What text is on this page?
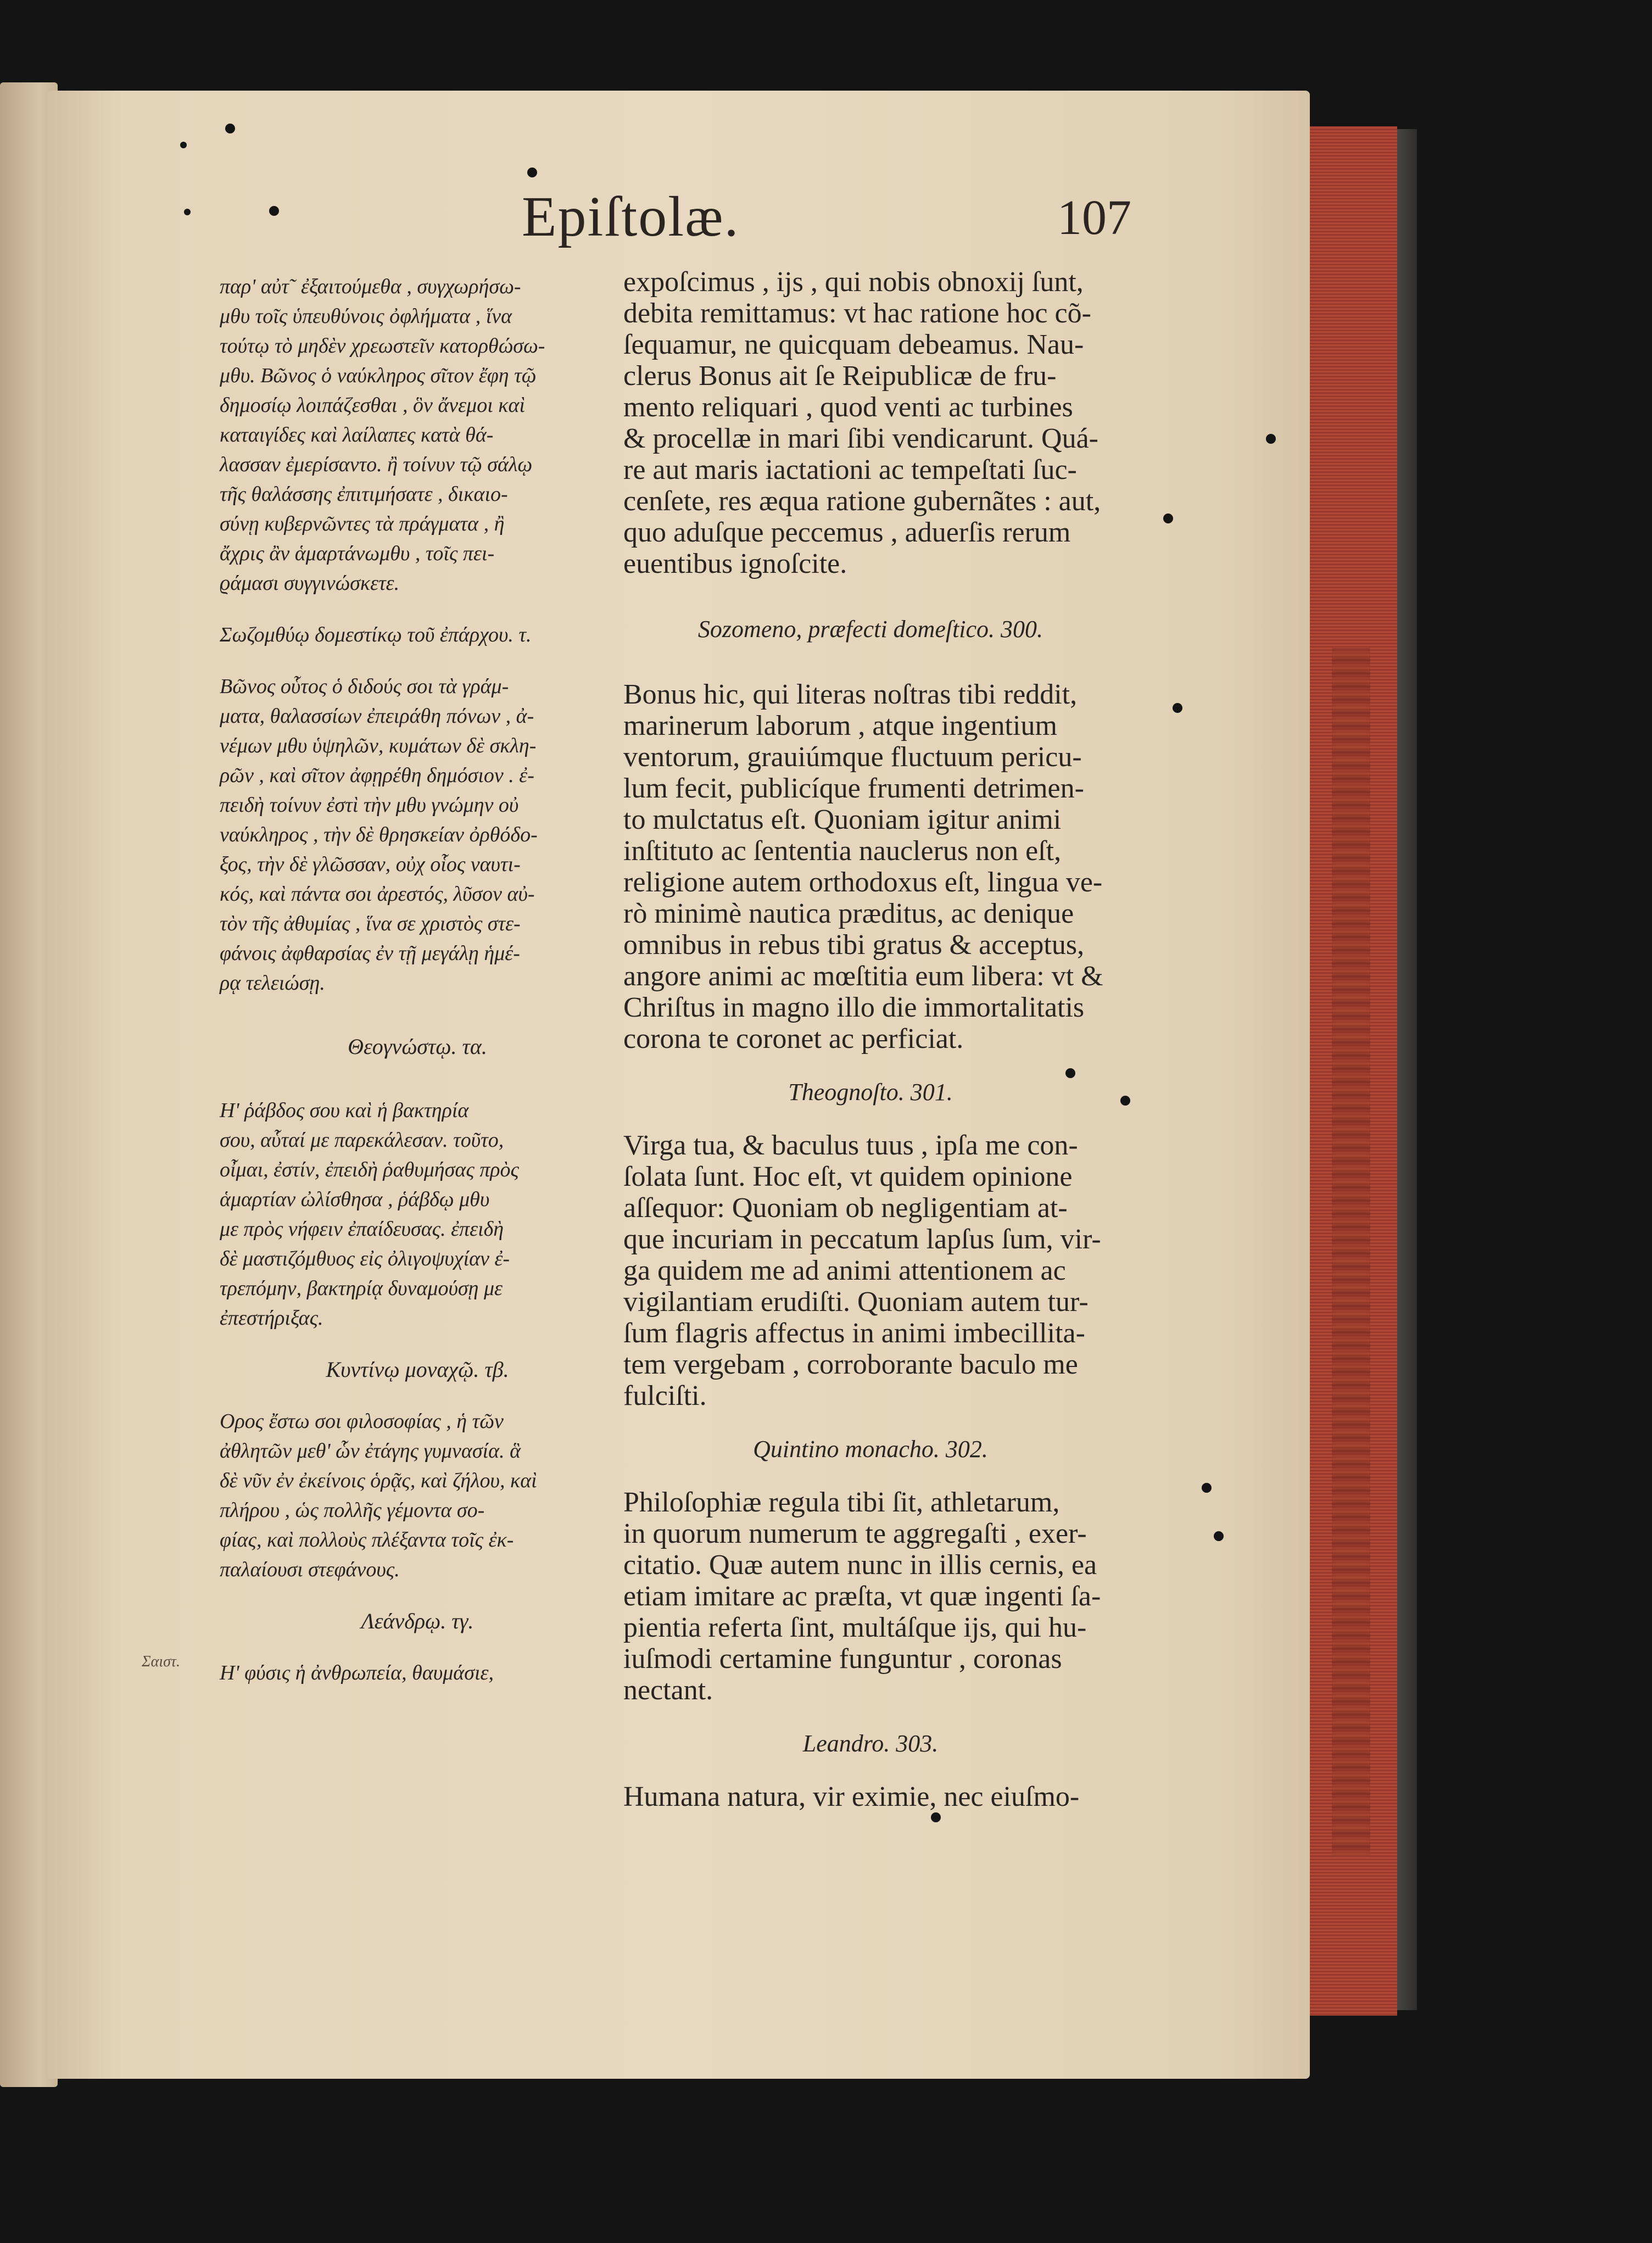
Epiſtolæ.	107
Ʃαιστ.
παρ' αὐτ῀ ἐξαιτούμεθα , συγχωρήσω-
μθυ τοῖς ὑπευθύνοις ὀφλήματα , ἵνα
τούτῳ τὸ μηδὲν χρεωστεῖν κατορθώσω-
μθυ. Βῶνος ὁ ναύκληρος σῖτον ἔφη τῷ
δημοσίῳ λοιπάζεσθαι , ὃν ἄνεμοι καὶ
καταιγίδες καὶ λαίλαπες κατὰ θά-
λασσαν ἐμερίσαντο. ἢ τοίνυν τῷ σάλῳ
τῆς θαλάσσης ἐπιτιμήσατε , δικαιο-
σύνῃ κυβερνῶντες τὰ πράγματα , ἢ
ἄχρις ἂν ἁμαρτάνωμθυ , τοῖς πει-
ϱάμασι συγγινώσκετε.
Σωζομθύῳ δομεστίκῳ τοῦ ἐπάρχου. τ.
Βῶνος οὗτος ὁ διδούς σοι τὰ γράμ-
ματα, θαλασσίων ἐπειράθη πόνων , ἀ-
νέμων μθυ ὑψηλῶν, κυμάτων δὲ σκλη-
ρῶν , καὶ σῖτον ἀφῃρέθη δημόσιον . ἐ-
πειδὴ τοίνυν ἐστὶ τὴν μθυ γνώμην οὐ
ναύκληρος , τὴν δὲ θρησκείαν ὀρθόδο-
ξος, τὴν δὲ γλῶσσαν, οὐχ οἷος ναυτι-
κός, καὶ πάντα σοι ἀρεστός, λῦσον αὐ-
τὸν τῆς ἀθυμίας , ἵνα σε χριστὸς στε-
φάνοις ἀφθαρσίας ἐν τῇ μεγάλῃ ἡμέ-
ρᾳ τελειώσῃ.
Θεογνώστῳ. τα.
Ηʹ ῥάβδος σου καὶ ἡ βακτηρία
σου, αὗταί με παρεκάλεσαν. τοῦτο,
οἶμαι, ἐστίν, ἐπειδὴ ῥαθυμήσας πρὸς
ἁμαρτίαν ὠλίσθησα , ῥάβδῳ μθυ
με πρὸς νήφειν ἐπαίδευσας. ἐπειδὴ
δὲ μαστιζόμθυος εἰς ὀλιγοψυχίαν ἐ-
τρεπόμην, βακτηρίᾳ δυναμούσῃ με
ἐπεστήριξας.
Κυντίνῳ μοναχῷ. τβ.
Ορος ἔστω σοι φιλοσοφίας , ἡ τῶν
ἀθλητῶν μεθ' ὧν ἐτάγης γυμνασία. ἃ
δὲ νῦν ἐν ἐκείνοις ὁρᾷς, καὶ ζήλου, καὶ
πλήρου , ὡς πολλῆς γέμοντα σο-
φίας, καὶ πολλοὺς πλέξαντα τοῖς ἐκ-
παλαίουσι στεφάνους.
Λεάνδρῳ. τγ.
Ηʹ φύσις ἡ ἀνθρωπεία, θαυμάσιε,
expoſcimus , ijs , qui nobis obnoxij ſunt,
debita remittamus: vt hac ratione hoc cõ-
ſequamur, ne quicquam debeamus. Nau-
clerus Bonus ait ſe Reipublicæ de fru-
mento reliquari , quod venti ac turbines
& procellæ in mari ſibi vendicarunt. Quá-
re aut maris iactationi ac tempeſtati ſuc-
cenſete, res æqua ratione gubernãtes : aut,
quo aduſque peccemus , aduerſis rerum
euentibus ignoſcite.
Sozomeno, præfecti domeſtico. 300.
Bonus hic, qui literas noſtras tibi reddit,
marinerum laborum , atque ingentium
ventorum, grauiúmque fluctuum pericu-
lum fecit, publicíque frumenti detrimen-
to mulctatus eſt. Quoniam igitur animi
inſtituto ac ſententia nauclerus non eſt,
religione autem orthodoxus eſt, lingua ve-
rò minimè nautica præditus, ac denique
omnibus in rebus tibi gratus & acceptus,
angore animi ac mœſtitia eum libera: vt &
Chriſtus in magno illo die immortalitatis
corona te coronet ac perficiat.
Theognoſto. 301.
Virga tua, & baculus tuus , ipſa me con-
ſolata ſunt. Hoc eſt, vt quidem opinione
aſſequor: Quoniam ob negligentiam at-
que incuriam in peccatum lapſus ſum, vir-
ga quidem me ad animi attentionem ac
vigilantiam erudiſti. Quoniam autem tur-
ſum flagris affectus in animi imbecillita-
tem vergebam , corroborante baculo me
fulciſti.
Quintino monacho. 302.
Philoſophiæ regula tibi ſit, athletarum,
in quorum numerum te aggregaſti , exer-
citatio. Quæ autem nunc in illis cernis, ea
etiam imitare ac præſta, vt quæ ingenti ſa-
pientia referta ſint, multáſque ijs, qui hu-
iuſmodi certamine funguntur , coronas
nectant.
Leandro. 303.
Humana natura, vir eximie, nec eiuſmo-
